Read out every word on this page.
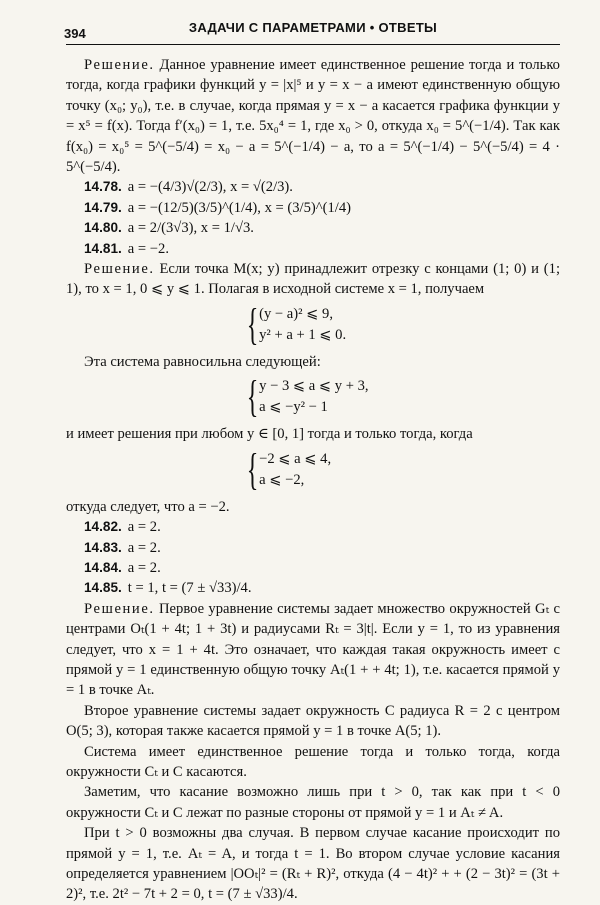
394	ЗАДАЧИ С ПАРАМЕТРАМИ • ОТВЕТЫ

Решение. Данное уравнение имеет единственное решение тогда и только тогда, когда графики функций y = |x|⁵ и y = x − a имеют единственную общую точку (x₀; y₀), т.е. в случае, когда прямая y = x − a касается графика функции y = x⁵ = f(x). Тогда f′(x₀) = 1, т.е. 5x₀⁴ = 1, где x₀ > 0, откуда x₀ = 5^(−1/4). Так как f(x₀) = x₀⁵ = 5^(−5/4) = x₀ − a = 5^(−1/4) − a, то a = 5^(−1/4) − 5^(−5/4) = 4 · 5^(−5/4).

14.78. a = −(4/3)√(2/3), x = √(2/3).

14.79. a = −(12/5)(3/5)^(1/4), x = (3/5)^(1/4)

14.80. a = 2/(3√3), x = 1/√3.

14.81. a = −2.

Решение. Если точка M(x; y) принадлежит отрезку с концами (1; 0) и (1; 1), то x = 1, 0 ⩽ y ⩽ 1. Полагая в исходной системе x = 1, получаем

{ (y − a)² ⩽ 9,
y² + a + 1 ⩽ 0.

Эта система равносильна следующей:

{ y − 3 ⩽ a ⩽ y + 3,
a ⩽ −y² − 1

и имеет решения при любом y ∈ [0, 1] тогда и только тогда, когда

{ −2 ⩽ a ⩽ 4,
a ⩽ −2,

откуда следует, что a = −2.

14.82. a = 2.

14.83. a = 2.

14.84. a = 2.

14.85. t = 1, t = (7 ± √33)/4.

Решение. Первое уравнение системы задает множество окружностей Gₜ с центрами Oₜ(1 + 4t; 1 + 3t) и радиусами Rₜ = 3|t|. Если y = 1, то из уравнения следует, что x = 1 + 4t. Это означает, что каждая такая окружность имеет с прямой y = 1 единственную общую точку Aₜ(1 + + 4t; 1), т.е. касается прямой y = 1 в точке Aₜ.

Второе уравнение системы задает окружность C радиуса R = 2 с центром O(5; 3), которая также касается прямой y = 1 в точке A(5; 1).

Система имеет единственное решение тогда и только тогда, когда окружности Cₜ и C касаются.

Заметим, что касание возможно лишь при t > 0, так как при t < 0 окружности Cₜ и C лежат по разные стороны от прямой y = 1 и Aₜ ≠ A.

При t > 0 возможны два случая. В первом случае касание происходит по прямой y = 1, т.е. Aₜ = A, и тогда t = 1. Во втором случае условие касания определяется уравнением |OOₜ|² = (Rₜ + R)², откуда (4 − 4t)² + + (2 − 3t)² = (3t + 2)², т.е. 2t² − 7t + 2 = 0, t = (7 ± √33)/4.
